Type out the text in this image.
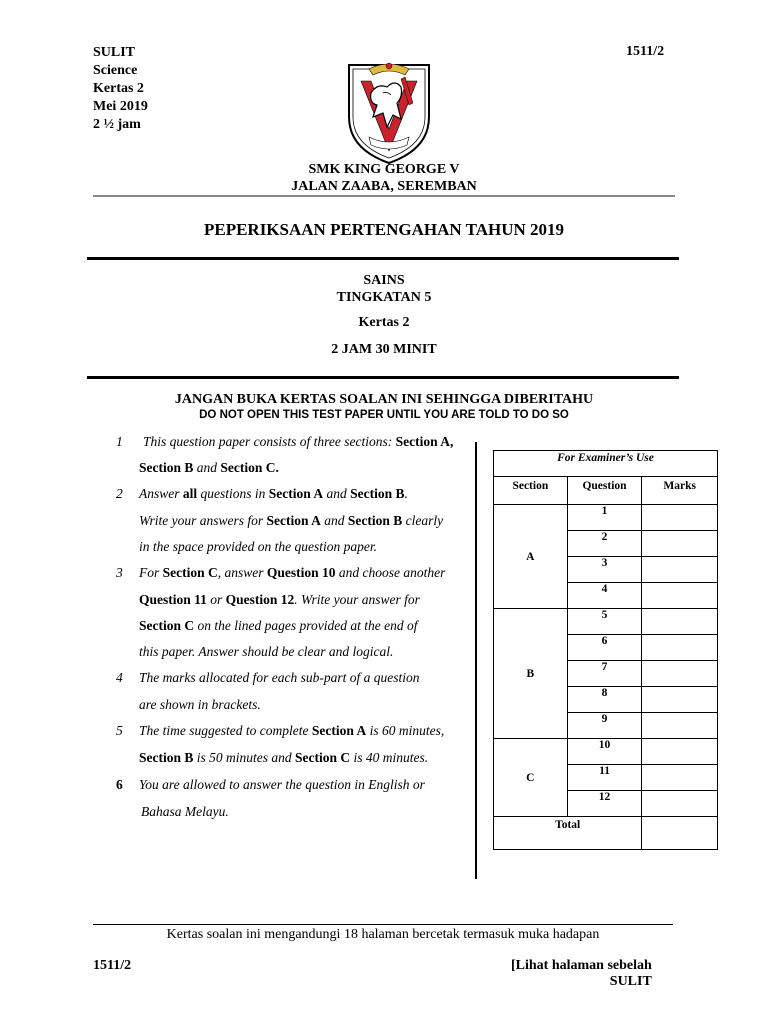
SULIT
Science
Kertas 2
Mei 2019
2 ½ jam
1511/2
SMK KING GEORGE V
JALAN ZAABA, SEREMBAN
PEPERIKSAAN PERTENGAHAN TAHUN 2019
SAINS
TINGKATAN 5
Kertas 2
2 JAM 30 MINIT
JANGAN BUKA KERTAS SOALAN INI SEHINGGA DIBERITAHU
DO NOT OPEN THIS TEST PAPER UNTIL YOU ARE TOLD TO DO SO
1
2
3
4
5
6
This question paper consists of three sections: Section A,
Section B and Section C.
Answer all questions in Section A and Section B.
Write your answers for Section A and Section B clearly
in the space provided on the question paper.
For Section C, answer Question 10 and choose another
Question 11 or Question 12. Write your answer for
Section C on the lined pages provided at the end of
this paper. Answer should be clear and logical.
The marks allocated for each sub-part of a question
are shown in brackets.
The time suggested to complete Section A is 60 minutes,
Section B is 50 minutes and Section C is 40 minutes.
You are allowed to answer the question in English or
Bahasa Melayu.
For Examiner’s Use		
Section	Question	Marks
A	1	
	2	
	3	
	4	
B	5	
	6	
	7	
	8	
	9	
C	10	
	11	
	12	
Total		
Kertas soalan ini mengandungi 18 halaman bercetak termasuk muka hadapan
1511/2	[Lihat halaman sebelah
SULIT
